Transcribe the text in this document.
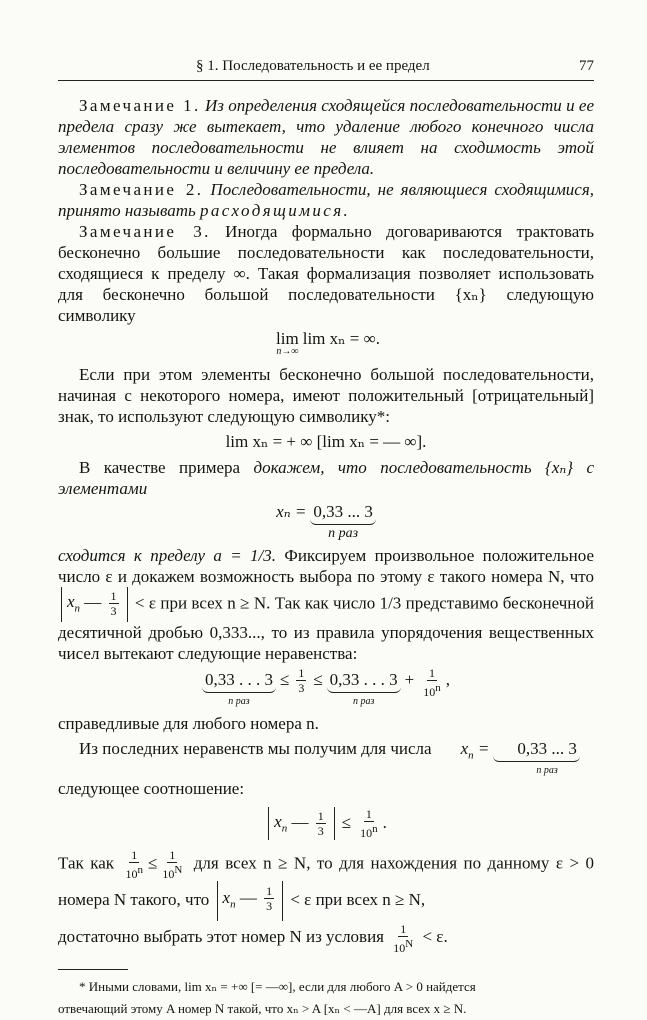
§ 1. Последовательность и ее предел	77

Замечание 1. Из определения сходящейся последовательности и ее предела сразу же вытекает, что удаление любого конечного числа элементов последовательности не влияет на сходимость этой последовательности и величину ее предела.

Замечание 2. Последовательности, не являющиеся сходящимися, принято называть расходящимися.

Замечание 3. Иногда формально договариваются трактовать бесконечно большие последовательности как последовательности, сходящиеся к пределу ∞. Такая формализация позволяет использовать для бесконечно большой последовательности {xₙ} следующую символику

lim
n→∞
lim xₙ = ∞.

Если при этом элементы бесконечно большой последовательности, начиная с некоторого номера, имеют положительный [отрицательный] знак, то используют следующую символику*:

lim xₙ = + ∞ [lim xₙ = — ∞].

В качестве примера докажем, что последовательность {xₙ} с элементами

xₙ = 0,33 ... 3
n раз

сходится к пределу a = 1/3. Фиксируем произвольное положительное число ε и докажем возможность выбора по этому ε такого номера N, что $x_n$ — $\frac{1}{3} < \varepsilon$ при всех n ≥ N. Так как число 1/3 представимо бесконечной десятичной дробью 0,333..., то из правила упорядочения вещественных чисел вытекают следующие неравенства:

0,33 . . . 3
n раз
≤ $\frac{1}{3} \le 0,33$ . . . 3
n раз
+ $\frac{1}{10^n}$ ,

справедливые для любого номера n.

Из последних неравенств мы получим для числа	$x_n$ =	0,33 ... 3
n раз

следующее соотношение:

$x_n$ — $\frac{1}{3} \le \frac{1}{10^n}$ .

Так как $\frac{1}{10^n} \le \frac{1}{10^N}$ для всех n ≥ N, то для нахождения по данному ε > 0 номера N такого, что $x_n$ — $\frac{1}{3} < \varepsilon$ при всех n ≥ N,

достаточно выбрать этот номер N из условия $\frac{1}{10^N} < \varepsilon$.

* Иными словами, lim xₙ = +∞ [= —∞], если для любого A > 0 найдется

отвечающий этому A номер N такой, что xₙ > A [xₙ < —A] для всех x ≥ N.
